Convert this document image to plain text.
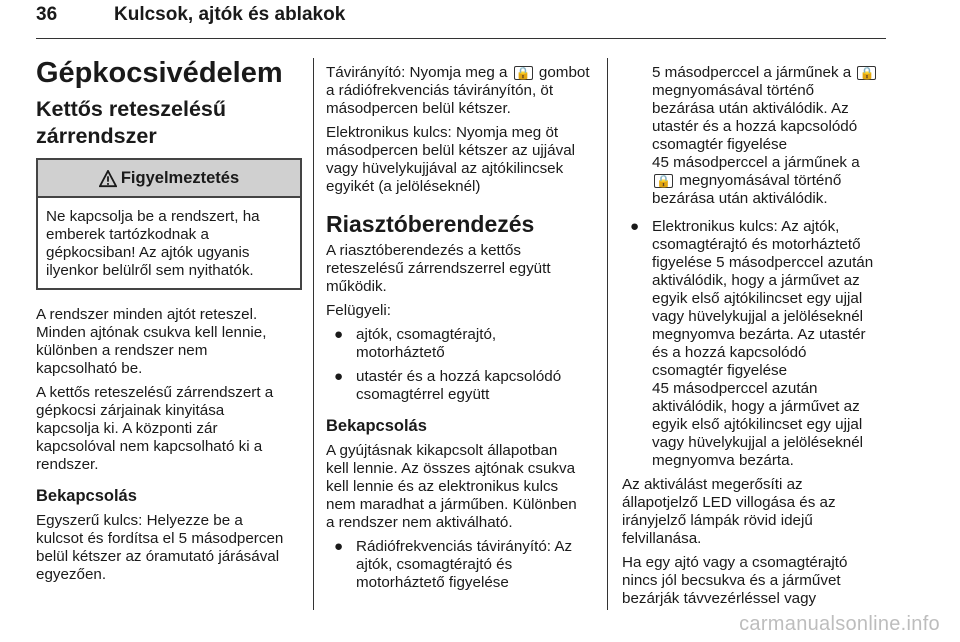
36	Kulcsok, ajtók és ablakok
Gépkocsivédelem
Kettős reteszelésű
zárrendszer
Figyelmeztetés
Ne kapcsolja be a rendszert, ha
emberek tartózkodnak a
gépkocsiban! Az ajtók ugyanis
ilyenkor belülről sem nyithatók.
A rendszer minden ajtót reteszel.
Minden ajtónak csukva kell lennie,
különben a rendszer nem
kapcsolható be.
A kettős reteszelésű zárrendszert a
gépkocsi zárjainak kinyitása
kapcsolja ki. A központi zár
kapcsolóval nem kapcsolható ki a
rendszer.
Bekapcsolás
Egyszerű kulcs: Helyezze be a
kulcsot és fordítsa el 5 másodpercen
belül kétszer az óramutató járásával
egyezően.
Távirányító: Nyomja meg a 🔒 gombot
a rádiófrekvenciás távirányítón, öt
másodpercen belül kétszer.
Elektronikus kulcs: Nyomja meg öt
másodpercen belül kétszer az ujjával
vagy hüvelykujjával az ajtókilincsek
egyikét (a jelöléseknél)
Riasztóberendezés
A riasztóberendezés a kettős
reteszelésű zárrendszerrel együtt
működik.
Felügyeli:
● ajtók, csomagtérajtó,
motorháztető
● utastér és a hozzá kapcsolódó
csomagtérrel együtt
Bekapcsolás
A gyújtásnak kikapcsolt állapotban
kell lennie. Az összes ajtónak csukva
kell lennie és az elektronikus kulcs
nem maradhat a járműben. Különben
a rendszer nem aktiválható.
● Rádiófrekvenciás távirányító: Az
ajtók, csomagtérajtó és
motorháztető figyelése
5 másodperccel a járműnek a 🔒
megnyomásával történő
bezárása után aktiválódik. Az
utastér és a hozzá kapcsolódó
csomagtér figyelése
45 másodperccel a járműnek a
🔒 megnyomásával történő
bezárása után aktiválódik.
● Elektronikus kulcs: Az ajtók,
csomagtérajtó és motorháztető
figyelése 5 másodperccel azután
aktiválódik, hogy a járművet az
egyik első ajtókilincset egy ujjal
vagy hüvelykujjal a jelöléseknél
megnyomva bezárta. Az utastér
és a hozzá kapcsolódó
csomagtér figyelése
45 másodperccel azután
aktiválódik, hogy a járművet az
egyik első ajtókilincset egy ujjal
vagy hüvelykujjal a jelöléseknél
megnyomva bezárta.
Az aktiválást megerősíti az
állapotjelző LED villogása és az
irányjelző lámpák rövid idejű
felvillanása.
Ha egy ajtó vagy a csomagtérajtó
nincs jól becsukva és a járművet
bezárják távvezérléssel vagy
carmanualsonline.info
